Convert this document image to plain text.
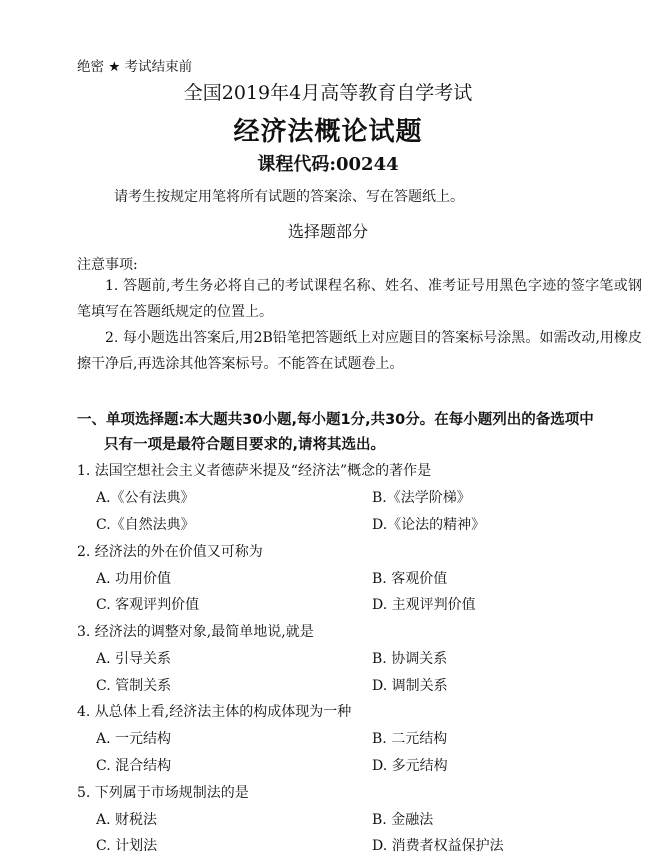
绝密 ★ 考试结束前
全国2019年4月高等教育自学考试
经济法概论试题
课程代码:00244
请考生按规定用笔将所有试题的答案涂、写在答题纸上。
选择题部分
注意事项:
1. 答题前,考生务必将自己的考试课程名称、姓名、准考证号用黑色字迹的签字笔或钢笔填写在答题纸规定的位置上。
2. 每小题选出答案后,用2B铅笔把答题纸上对应题目的答案标号涂黑。如需改动,用橡皮擦干净后,再选涂其他答案标号。不能答在试题卷上。
一、单项选择题:本大题共30小题,每小题1分,共30分。在每小题列出的备选项中
只有一项是最符合题目要求的,请将其选出。
1. 法国空想社会主义者德萨米提及“经济法”概念的著作是
A.《公有法典》	B.《法学阶梯》
C.《自然法典》	D.《论法的精神》
2. 经济法的外在价值又可称为
A. 功用价值	B. 客观价值
C. 客观评判价值	D. 主观评判价值
3. 经济法的调整对象,最简单地说,就是
A. 引导关系	B. 协调关系
C. 管制关系	D. 调制关系
4. 从总体上看,经济法主体的构成体现为一种
A. 一元结构	B. 二元结构
C. 混合结构	D. 多元结构
5. 下列属于市场规制法的是
A. 财税法	B. 金融法
C. 计划法	D. 消费者权益保护法
